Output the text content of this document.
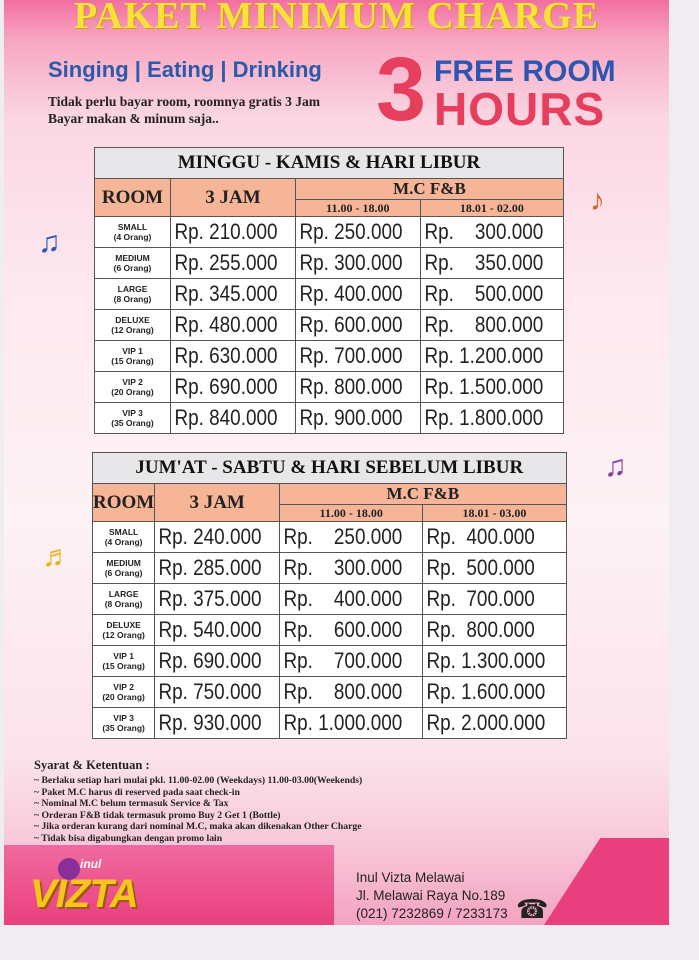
PAKET MINIMUM CHARGE
Singing | Eating | Drinking
Tidak perlu bayar room, roomnya gratis 3 Jam
Bayar makan & minum saja..	3 FREE ROOM
HOURS
♫
♪
♫
♬
MINGGU - KAMIS & HARI LIBUR			
ROOM	3 JAM	M.C F&B	
		11.00 - 18.00	18.01 - 02.00

SMALL
(4 Orang)	Rp. 210.000	Rp. 250.000	Rp.    300.000

MEDIUM
(6 Orang)	Rp. 255.000	Rp. 300.000	Rp.    350.000

LARGE
(8 Orang)	Rp. 345.000	Rp. 400.000	Rp.    500.000

DELUXE
(12 Orang)	Rp. 480.000	Rp. 600.000	Rp.    800.000

VIP 1
(15 Orang)	Rp. 630.000	Rp. 700.000	Rp. 1.200.000

VIP 2
(20 Orang)	Rp. 690.000	Rp. 800.000	Rp. 1.500.000

VIP 3
(35 Orang)	Rp. 840.000	Rp. 900.000	Rp. 1.800.000
JUM'AT - SABTU & HARI SEBELUM LIBUR			
ROOM	3 JAM	M.C F&B	
		11.00 - 18.00	18.01 - 03.00

SMALL
(4 Orang)	Rp. 240.000	Rp.    250.000	Rp.  400.000

MEDIUM
(6 Orang)	Rp. 285.000	Rp.    300.000	Rp.  500.000

LARGE
(8 Orang)	Rp. 375.000	Rp.    400.000	Rp.  700.000

DELUXE
(12 Orang)	Rp. 540.000	Rp.    600.000	Rp.  800.000

VIP 1
(15 Orang)	Rp. 690.000	Rp.    700.000	Rp. 1.300.000

VIP 2
(20 Orang)	Rp. 750.000	Rp.    800.000	Rp. 1.600.000

VIP 3
(35 Orang)	Rp. 930.000	Rp. 1.000.000	Rp. 2.000.000
Syarat & Ketentuan :
~ Berlaku setiap hari mulai pkl. 11.00-02.00 (Weekdays) 11.00-03.00(Weekends)
~ Paket M.C harus di reserved pada saat check-in
~ Nominal M.C belum termasuk Service & Tax
~ Orderan F&B tidak termasuk promo Buy 2 Get 1 (Bottle)
~ Jika orderan kurang dari nominal M.C, maka akan dikenakan Other Charge
~ Tidak bisa digabungkan dengan promo lain
inul
VIZTA	Inul Vizta Melawai
Jl. Melawai Raya No.189
(021) 7232869 / 7233173 ☎
